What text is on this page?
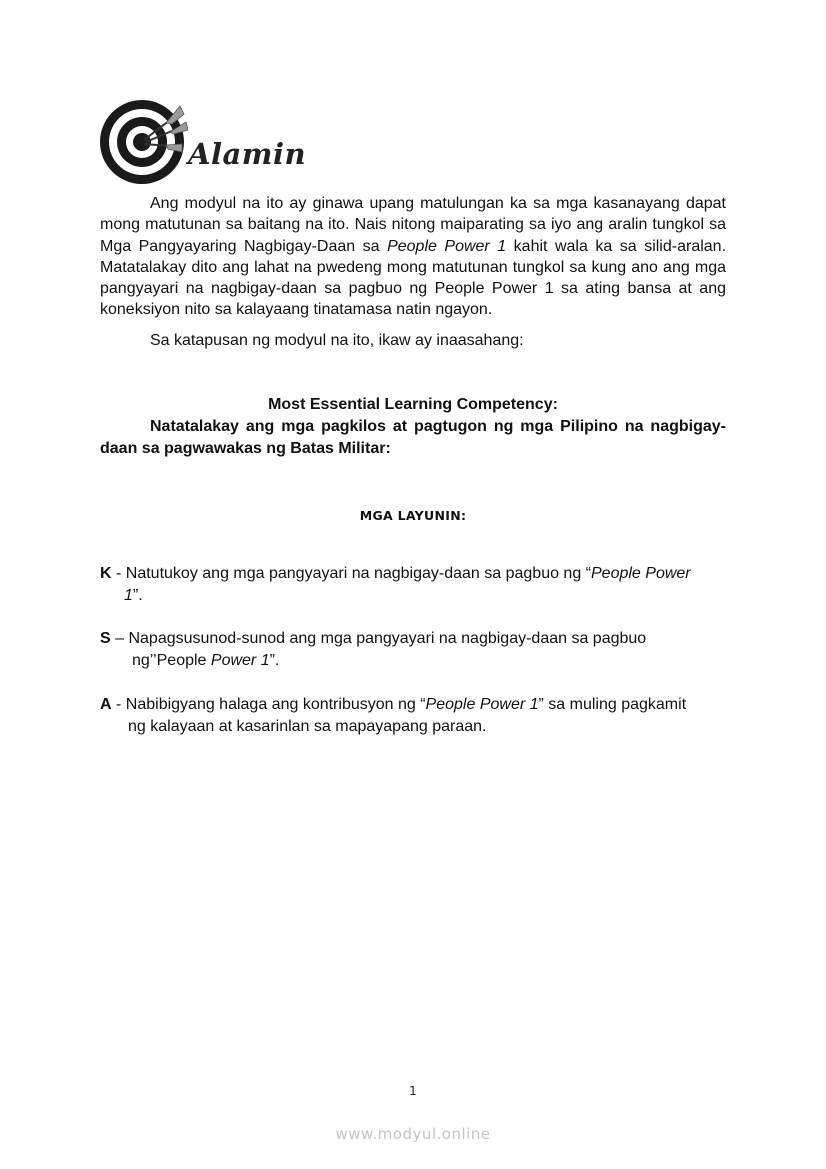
Alamin

Ang modyul na ito ay ginawa upang matulungan ka sa mga kasanayang dapat mong matutunan sa baitang na ito. Nais nitong maiparating sa iyo ang aralin tungkol sa Mga Pangyayaring Nagbigay-Daan sa People Power 1 kahit wala ka sa silid-aralan. Matatalakay dito ang lahat na pwedeng mong matutunan tungkol sa kung ano ang mga pangyayari na nagbigay-daan sa pagbuo ng People Power 1 sa ating bansa at ang koneksiyon nito sa kalayaang tinatamasa natin ngayon.

Sa katapusan ng modyul na ito, ikaw ay inaasahang:

Most Essential Learning Competency:

Natatalakay ang mga pagkilos at pagtugon ng mga Pilipino na nagbigay-daan sa pagwawakas ng Batas Militar:

MGA LAYUNIN:
K - Natutukoy ang mga pangyayari na nagbigay-daan sa pagbuo ng “People Power
1”.
S – Napagsusunod-sunod ang mga pangyayari na nagbigay-daan sa pagbuo
ng’’People Power 1”.
A - Nabibigyang halaga ang kontribusyon ng “People Power 1” sa muling pagkamit
ng kalayaan at kasarinlan sa mapayapang paraan.
1
www.modyul.online
